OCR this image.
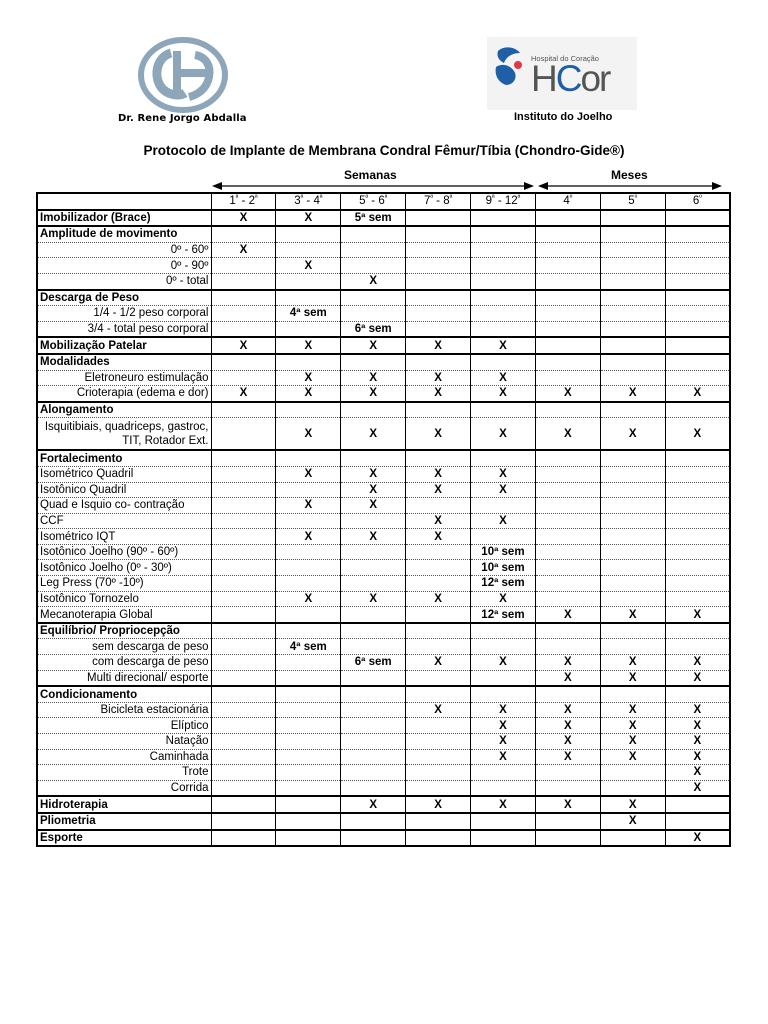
Dr. Rene Jorgo Abdalla
Hospital do Coração
HCor
Instituto do Joelho
Protocolo de Implante de Membrana Condral Fêmur/Tíbia (Chondro-Gide®)
Semanas	Meses
	$1^ª - 2^ª$	$3^ª - 4^ª$	$5^ª - 6^ª$	$7^ª - 8^ª$	$9^ª - 12^ª$	$4^º$	$5^º$	$6^º$
Imobilizador (Brace)	X	X	5ª sem					
Amplitude de movimento								
0º - 60º	X							
0º - 90º		X						
0º - total			X					
Descarga de Peso								
1/4 - 1/2 peso corporal		4ª sem						
3/4 - total peso corporal			6ª sem					
Mobilização Patelar	X	X	X	X	X			
Modalidades								
Eletroneuro estimulação		X	X	X	X			
Crioterapia (edema e dor)	X	X	X	X	X	X	X	X
Alongamento								
Isquitibiais, quadriceps, gastroc, TIT, Rotador Ext.		X	X	X	X	X	X	X
Fortalecimento								
Isométrico Quadril		X	X	X	X			
Isotônico Quadril			X	X	X			
Quad e Isquio co- contração		X	X					
CCF				X	X			
Isométrico IQT		X	X	X				
Isotônico Joelho (90º - 60º)					10ª sem			
Isotônico Joelho (0º - 30º)					10ª sem			
Leg Press (70º -10º)					12ª sem			
Isotônico Tornozelo		X	X	X	X			
Mecanoterapia Global					12ª sem	X	X	X
Equilíbrio/ Propriocepção								
sem descarga de peso		4ª sem						
com descarga de peso			6ª sem	X	X	X	X	X
Multi direcional/ esporte						X	X	X
Condicionamento								
Bicicleta estacionária				X	X	X	X	X
Elíptico					X	X	X	X
Natação					X	X	X	X
Caminhada					X	X	X	X
Trote								X
Corrida								X
Hidroterapia			X	X	X	X	X	
Pliometria							X	
Esporte								X
